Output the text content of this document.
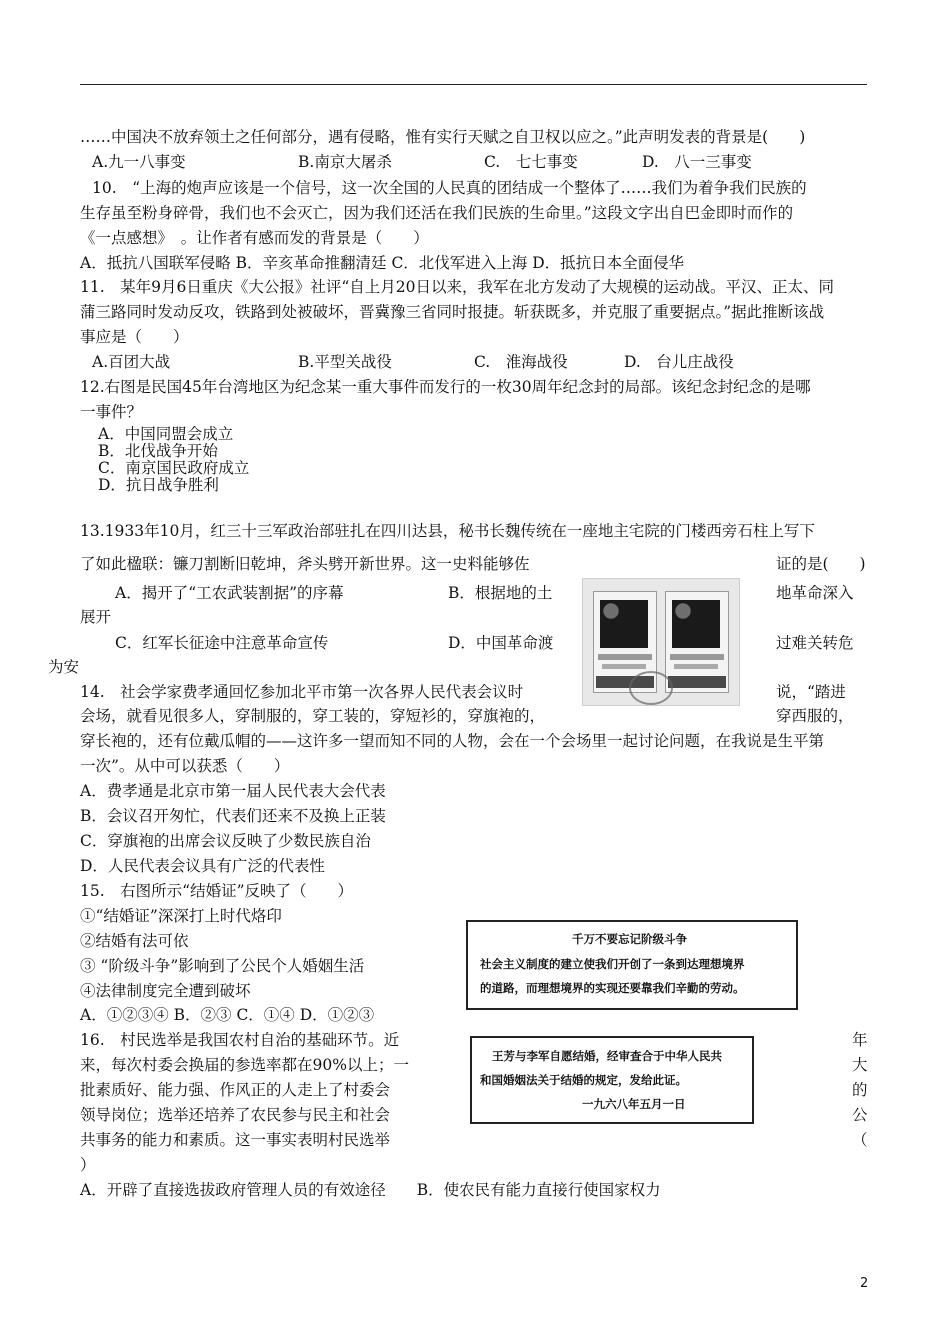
……中国决不放弃领土之任何部分，遇有侵略，惟有实行天赋之自卫权以应之。”此声明发表的背景是(　　)
A.九一八事变	B.南京大屠杀	C.　七七事变	D.　八一三事变
10.　“上海的炮声应该是一个信号，这一次全国的人民真的团结成一个整体了……我们为着争我们民族的
生存虽至粉身碎骨，我们也不会灭亡，因为我们还活在我们民族的生命里。”这段文字出自巴金即时而作的
《一点感想》　。让作者有感而发的背景是（　　）
A．抵抗八国联军侵略 B．辛亥革命推翻清廷 C．北伐军进入上海 D．抵抗日本全面侵华
11.　某年9月6日重庆《大公报》社评“自上月20日以来，我军在北方发动了大规模的运动战。平汉、正太、同
蒲三路同时发动反攻，铁路到处被破坏，晋冀豫三省同时报捷。斩获既多，并克服了重要据点。”据此推断该战
事应是（　　）
A.百团大战	B.平型关战役	C.　淮海战役	D.　台儿庄战役
12.右图是民国45年台湾地区为纪念某一重大事件而发行的一枚30周年纪念封的局部。该纪念封纪念的是哪
一事件？
A．中国同盟会成立
B．北伐战争开始
C．南京国民政府成立
D．抗日战争胜利
13.1933年10月，红三十三军政治部驻扎在四川达县，秘书长魏传统在一座地主宅院的门楼西旁石柱上写下
了如此楹联：镰刀割断旧乾坤，斧头劈开新世界。这一史料能够佐	证的是(　　)
A．揭开了“工农武装割据”的序幕	B．根据地的土	地革命深入
展开
C．红军长征途中注意革命宣传	D．中国革命渡	过难关转危
为安
14.　社会学家费孝通回忆参加北平市第一次各界人民代表会议时	说，“踏进
会场，就看见很多人，穿制服的，穿工装的，穿短衫的，穿旗袍的，	穿西服的，
穿长袍的，还有位戴瓜帽的——这许多一望而知不同的人物，会在一个会场里一起讨论问题，在我说是生平第
一次”。从中可以获悉（　　）
A．费孝通是北京市第一届人民代表大会代表
B．会议召开匆忙，代表们还来不及换上正装
C．穿旗袍的出席会议反映了少数民族自治
D．人民代表会议具有广泛的代表性
15.　右图所示“结婚证”反映了（　　）
①“结婚证”深深打上时代烙印
②结婚有法可依
③ “阶级斗争”影响到了公民个人婚姻生活
④法律制度完全遭到破坏
A．①②③④ B．②③ C．①④ D．①②③
千万不要忘记阶级斗争
社会主义制度的建立使我们开创了一条到达理想境界
的道路，而理想境界的实现还要靠我们辛勤的劳动。
王芳与李军自愿结婚，经审查合于中华人民共
和国婚姻法关于结婚的规定，发给此证。
一九六八年五月一日
16.　村民选举是我国农村自治的基础环节。近	年
来，每次村委会换届的参选率都在90%以上；一	大
批素质好、能力强、作风正的人走上了村委会	的
领导岗位；选举还培养了农民参与民主和社会	公
共事务的能力和素质。这一事实表明村民选举	（
）
A．开辟了直接选拔政府管理人员的有效途径　　B．使农民有能力直接行使国家权力
2
